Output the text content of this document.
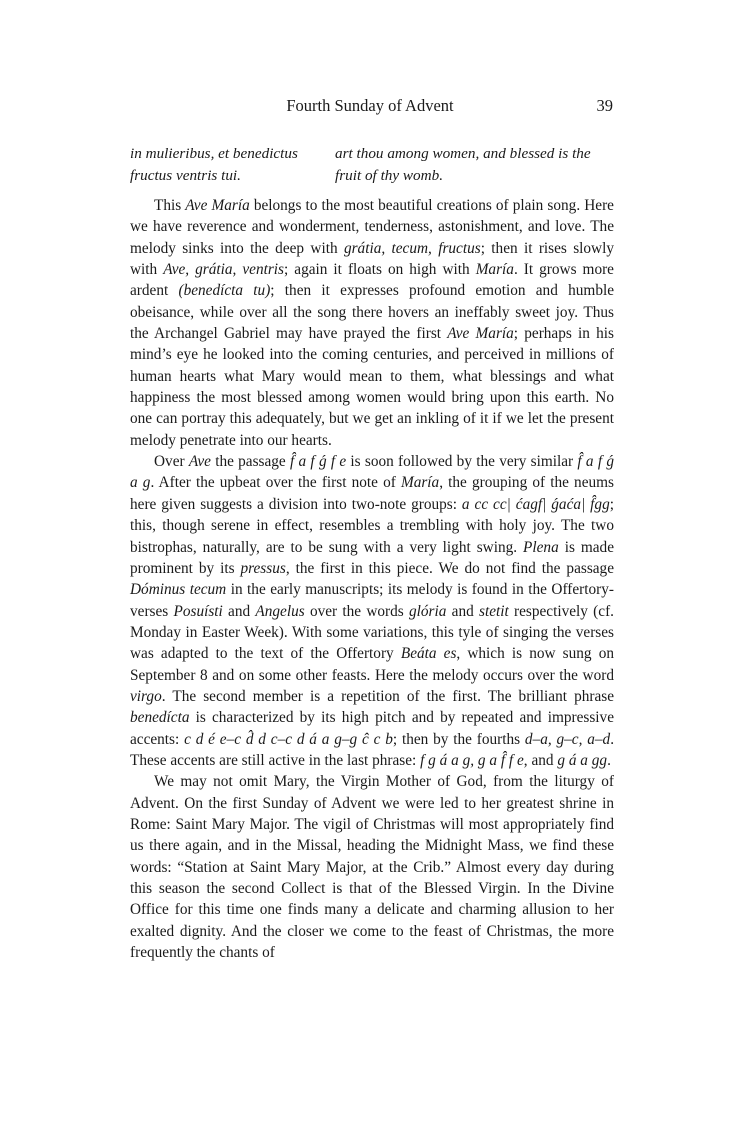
Fourth Sunday of Advent	39
in mulieribus, et benedictus fructus ventris tui.
art thou among women, and blessed is the fruit of thy womb.

This Ave María belongs to the most beautiful creations of plain song. Here we have reverence and wonderment, tenderness, astonishment, and love. The melody sinks into the deep with grátia, tecum, fructus; then it rises slowly with Ave, grátia, ventris; again it floats on high with María. It grows more ardent (benedícta tu); then it expresses profound emotion and humble obeisance, while over all the song there hovers an ineffably sweet joy. Thus the Archangel Gabriel may have prayed the first Ave María; perhaps in his mind’s eye he looked into the coming centuries, and perceived in millions of human hearts what Mary would mean to them, what blessings and what happiness the most blessed among women would bring upon this earth. No one can portray this adequately, but we get an inkling of it if we let the present melody penetrate into our hearts.

Over Ave the passage f̂ a f ǵ f e is soon followed by the very similar f̂ a f ǵ a g. After the upbeat over the first note of María, the grouping of the neums here given suggests a division into two-note groups: a cc cc| ćagf| ǵaća| f̂gg; this, though serene in effect, resembles a trembling with holy joy. The two bistrophas, naturally, are to be sung with a very light swing. Plena is made prominent by its pressus, the first in this piece. We do not find the passage Dóminus tecum in the early manuscripts; its melody is found in the Offertory-verses Posuísti and Angelus over the words glória and stetit respectively (cf. Monday in Easter Week). With some variations, this tyle of singing the verses was adapted to the text of the Offertory Beáta es, which is now sung on September 8 and on some other feasts. Here the melody occurs over the word virgo. The second member is a repetition of the first. The brilliant phrase benedícta is characterized by its high pitch and by repeated and impressive accents: c d é e–c d̂ d c–c d á a g–g ĉ c b; then by the fourths d–a, g–c, a–d. These accents are still active in the last phrase: f g á a g, g a f̂ f e, and g á a gg.

We may not omit Mary, the Virgin Mother of God, from the liturgy of Advent. On the first Sunday of Advent we were led to her greatest shrine in Rome: Saint Mary Major. The vigil of Christmas will most appropriately find us there again, and in the Missal, heading the Midnight Mass, we find these words: “Station at Saint Mary Major, at the Crib.” Almost every day during this season the second Collect is that of the Blessed Virgin. In the Divine Office for this time one finds many a delicate and charming allusion to her exalted dignity. And the closer we come to the feast of Christmas, the more frequently the chants of
